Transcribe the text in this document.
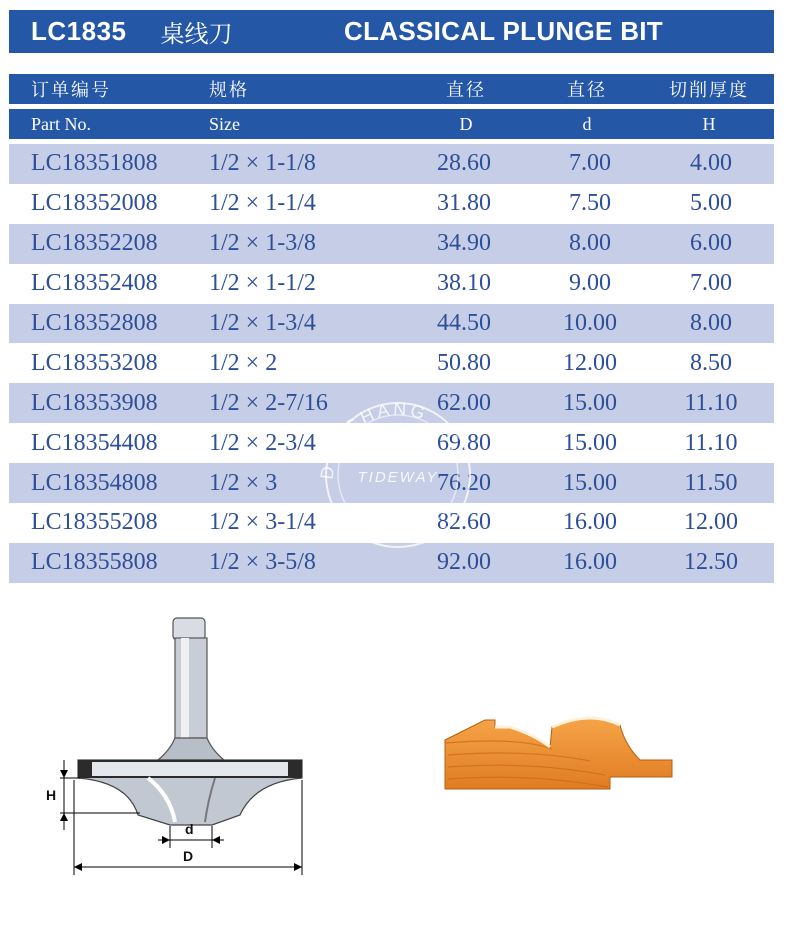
LC1835 桌线刀	CLASSICAL PLUNGE BIT
订单编号	规格	直径	直径	切削厚度
Part No.	Size	D	d	H
LC18351808 1/2 × 1-1/8	28.60	7.00	4.00
LC18352008 1/2 × 1-1/4	31.80	7.50	5.00
LC18352208 1/2 × 1-3/8	34.90	8.00	6.00
LC18352408 1/2 × 1-1/2	38.10	9.00	7.00
LC18352808 1/2 × 1-3/4	44.50	10.00	8.00
LC18353208 1/2 × 2	50.80	12.00	8.50
LC18353908 1/2 × 2-7/16	62.00	15.00	11.10
LC18354408 1/2 × 2-3/4	69.80	15.00	11.10
LC18354808 1/2 × 3	76.20	15.00	11.50
LC18355208 1/2 × 3-1/4	82.60	16.00	12.00
LC18355808 1/2 × 3-5/8	92.00	16.00	12.50
DONGHANG
TIDEWAY
H
d
D
